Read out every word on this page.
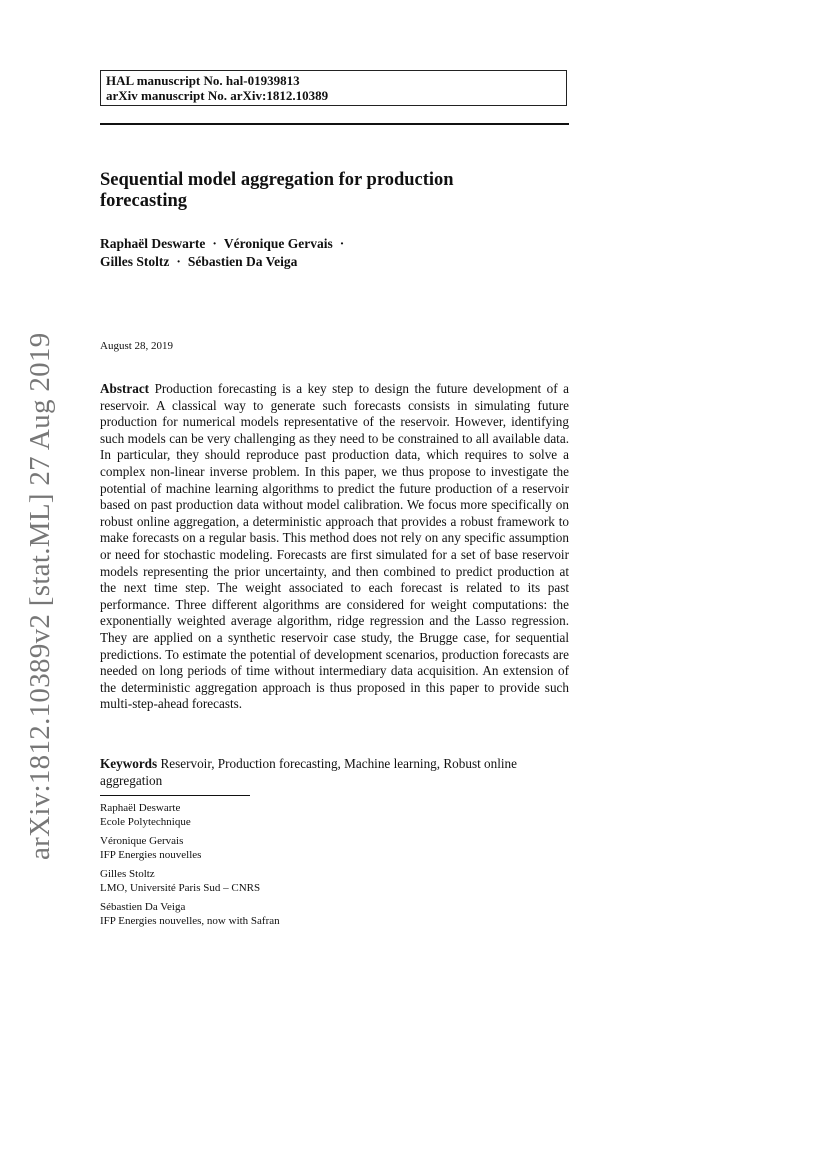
HAL manuscript No. hal-01939813
arXiv manuscript No. arXiv:1812.10389
Sequential model aggregation for production
forecasting
Raphaël Deswarte · Véronique Gervais ·
Gilles Stoltz · Sébastien Da Veiga
August 28, 2019
Abstract Production forecasting is a key step to design the future development of a reservoir. A classical way to generate such forecasts consists in simulating future production for numerical models representative of the reservoir. However, identifying such models can be very challenging as they need to be constrained to all available data. In particular, they should reproduce past production data, which requires to solve a complex non-linear inverse problem. In this paper, we thus propose to investigate the potential of machine learning algorithms to predict the future production of a reservoir based on past production data without model calibration. We focus more specifically on robust online aggregation, a deterministic approach that provides a robust framework to make forecasts on a regular basis. This method does not rely on any specific assumption or need for stochastic modeling. Forecasts are first simulated for a set of base reservoir models representing the prior uncertainty, and then combined to predict production at the next time step. The weight associated to each forecast is related to its past performance. Three different algorithms are considered for weight computations: the exponentially weighted average algorithm, ridge regression and the Lasso regression. They are applied on a synthetic reservoir case study, the Brugge case, for sequential predictions. To estimate the potential of development scenarios, production forecasts are needed on long periods of time without intermediary data acquisition. An extension of the deterministic aggregation approach is thus proposed in this paper to provide such multi-step-ahead forecasts.
Keywords Reservoir, Production forecasting, Machine learning, Robust online aggregation
Raphaël Deswarte
Ecole Polytechnique
Véronique Gervais
IFP Energies nouvelles
Gilles Stoltz
LMO, Université Paris Sud – CNRS
Sébastien Da Veiga
IFP Energies nouvelles, now with Safran
arXiv:1812.10389v2 [stat.ML] 27 Aug 2019
